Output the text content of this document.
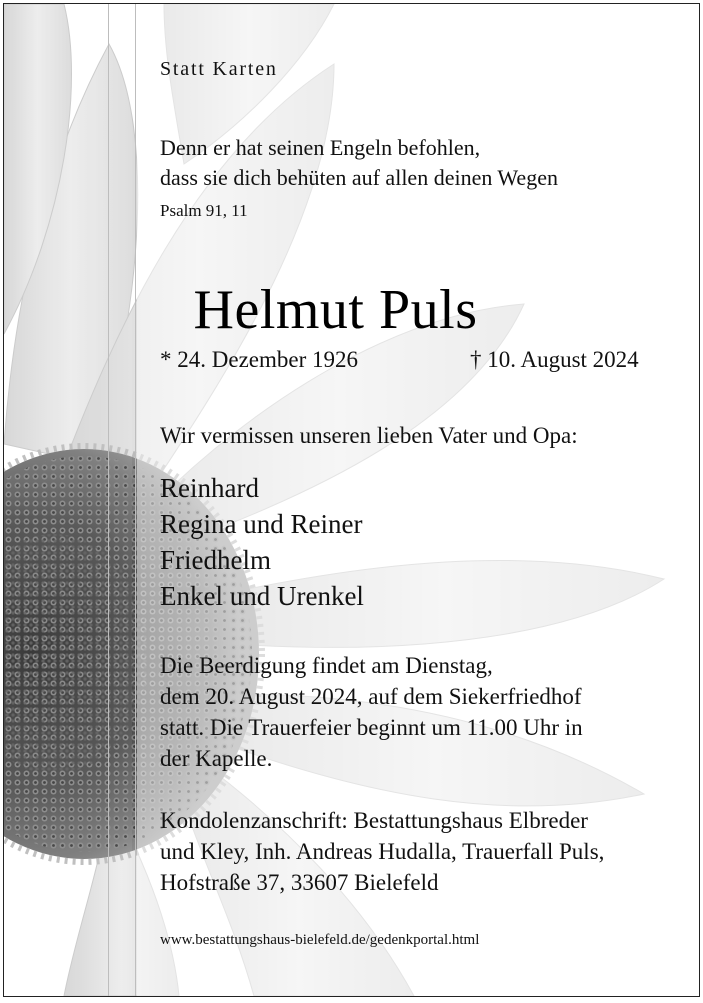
Statt Karten

Denn er hat seinen Engeln befohlen,
dass sie dich behüten auf allen deinen Wegen

Psalm 91, 11

Helmut Puls

* 24. Dezember 1926	† 10. August 2024

Wir vermissen unseren lieben Vater und Opa:

Reinhard
Regina und Reiner
Friedhelm
Enkel und Urenkel
Die Beerdigung findet am Dienstag,
dem 20. August 2024, auf dem Siekerfriedhof
statt. Die Trauerfeier beginnt um 11.00 Uhr in
der Kapelle.
Kondolenzanschrift: Bestattungshaus Elbreder
und Kley, Inh. Andreas Hudalla, Trauerfall Puls,
Hofstraße 37, 33607 Bielefeld

www.bestattungshaus-bielefeld.de/gedenkportal.html
